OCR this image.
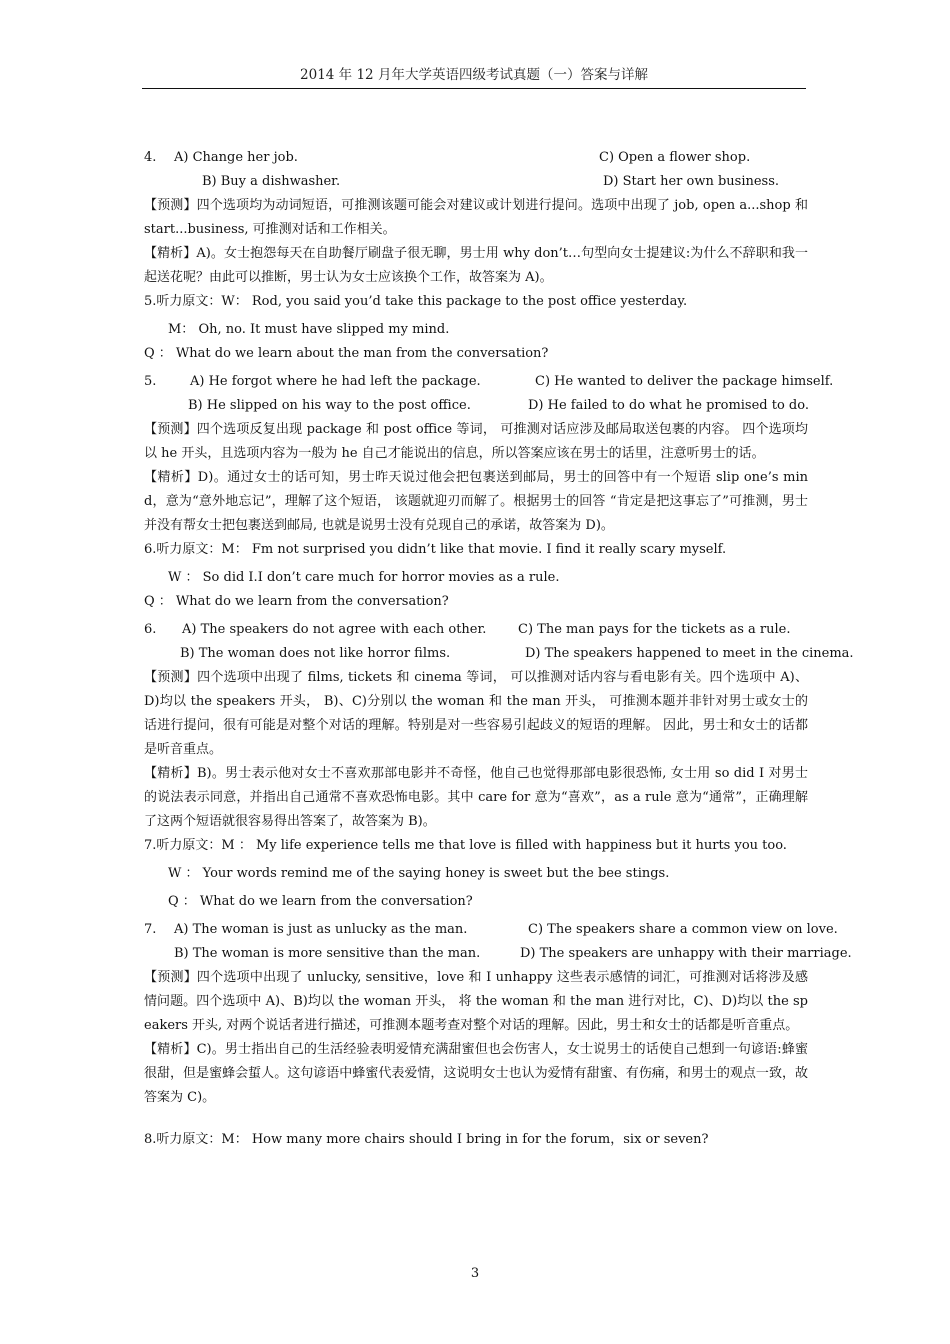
2014 年 12 月年大学英语四级考试真题（一）答案与详解
4.	A) Change her job.	C) Open a flower shop.
B) Buy a dishwasher.	D) Start her own business.
【预测】四个选项均为动词短语，可推测该题可能会对建议或计划进行提问。选项中出现了 job, open a...shop 和 start...business, 可推测对话和工作相关。
【精析】A)。女士抱怨每天在自助餐厅刷盘子很无聊，男士用 why don’t…句型向女士提建议:为什么不辞职和我一起送花呢？由此可以推断，男士认为女士应该换个工作，故答案为 A)。
5.听力原文：W： Rod, you said you’d take this package to the post office yesterday.
M： Oh, no. It must have slipped my mind.
Q ： What do we learn about the man from the conversation?
5.	A) He forgot where he had left the package.	C) He wanted to deliver the package himself.
B) He slipped on his way to the post office.	D) He failed to do what he promised to do.
【预测】四个选项反复出现 package 和 post office 等词， 可推测对话应涉及邮局取送包裹的内容。 四个选项均以 he 开头，且选项内容为一般为 he 自己才能说出的信息，所以答案应该在男士的话里，注意听男士的话。
【精析】D)。通过女士的话可知，男士昨天说过他会把包裹送到邮局，男士的回答中有一个短语 slip one’s mind，意为“意外地忘记”，理解了这个短语， 该题就迎刃而解了。根据男士的回答 “肯定是把这事忘了”可推测，男士并没有帮女士把包裹送到邮局, 也就是说男士没有兑现自己的承诺，故答案为 D)。
6.听力原文：M： Fm not surprised you didn’t like that movie. I find it really scary myself.
W ： So did I.I don’t care much for horror movies as a rule.
Q ： What do we learn from the conversation?
6.	A) The speakers do not agree with each other.	C) The man pays for the tickets as a rule.
B) The woman does not like horror films.	D) The speakers happened to meet in the cinema.
【预测】四个选项中出现了 films, tickets 和 cinema 等词， 可以推测对话内容与看电影有关。四个选项中 A)、D)均以 the speakers 开头， B)、C)分别以 the woman 和 the man 开头， 可推测本题并非针对男士或女士的话进行提问，很有可能是对整个对话的理解。特别是对一些容易引起歧义的短语的理解。 因此，男士和女士的话都是听音重点。
【精析】B)。男士表示他对女士不喜欢那部电影并不奇怪，他自己也觉得那部电影很恐怖, 女士用 so did I 对男士的说法表示同意，并指出自己通常不喜欢恐怖电影。其中 care for 意为“喜欢”，as a rule 意为“通常”，正确理解了这两个短语就很容易得出答案了，故答案为 B)。
7.听力原文：M ： My life experience tells me that love is filled with happiness but it hurts you too.
W ： Your words remind me of the saying honey is sweet but the bee stings.
Q ： What do we learn from the conversation?
7.	A) The woman is just as unlucky as the man.	C) The speakers share a common view on love.
B) The woman is more sensitive than the man.	D) The speakers are unhappy with their marriage.
【预测】四个选项中出现了 unlucky, sensitive，love 和 I unhappy 这些表示感情的词汇，可推测对话将涉及感情问题。四个选项中 A)、B)均以 the woman 开头， 将 the woman 和 the man 进行对比，C)、D)均以 the speakers 开头, 对两个说话者进行描述，可推测本题考查对整个对话的理解。因此，男士和女士的话都是听音重点。
【精析】C)。男士指出自己的生活经验表明爱情充满甜蜜但也会伤害人，女士说男士的话使自己想到一句谚语:蜂蜜很甜，但是蜜蜂会蜇人。这句谚语中蜂蜜代表爱情，这说明女士也认为爱情有甜蜜、有伤痛，和男士的观点一致，故答案为 C)。
8.听力原文：M： How many more chairs should I bring in for the forum，six or seven?
3
